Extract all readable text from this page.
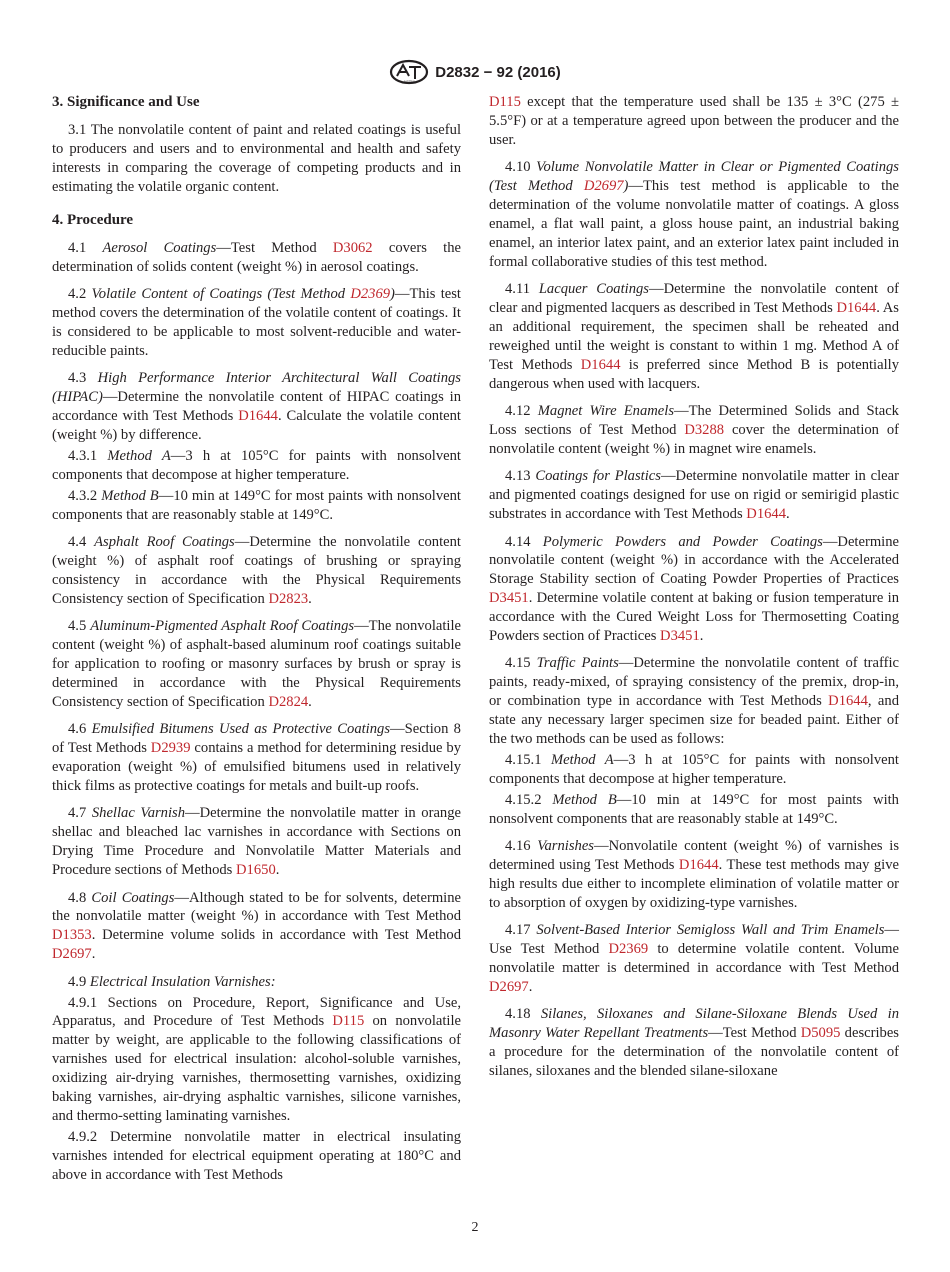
ASTM
D2832 − 92 (2016)
3. Significance and Use
3.1 The nonvolatile content of paint and related coatings is useful to producers and users and to environmental and health and safety interests in comparing the coverage of competing products and in estimating the volatile organic content.
4. Procedure
4.1 Aerosol Coatings—Test Method D3062 covers the determination of solids content (weight %) in aerosol coatings.
4.2 Volatile Content of Coatings (Test Method D2369)—This test method covers the determination of the volatile content of coatings. It is considered to be applicable to most solvent-reducible and water-reducible paints.
4.3 High Performance Interior Architectural Wall Coatings (HIPAC)—Determine the nonvolatile content of HIPAC coatings in accordance with Test Methods D1644. Calculate the volatile content (weight %) by difference.
4.3.1 Method A—3 h at 105°C for paints with nonsolvent components that decompose at higher temperature.
4.3.2 Method B—10 min at 149°C for most paints with nonsolvent components that are reasonably stable at 149°C.
4.4 Asphalt Roof Coatings—Determine the nonvolatile content (weight %) of asphalt roof coatings of brushing or spraying consistency in accordance with the Physical Requirements Consistency section of Specification D2823.
4.5 Aluminum-Pigmented Asphalt Roof Coatings—The nonvolatile content (weight %) of asphalt-based aluminum roof coatings suitable for application to roofing or masonry surfaces by brush or spray is determined in accordance with the Physical Requirements Consistency section of Specification D2824.
4.6 Emulsified Bitumens Used as Protective Coatings—Section 8 of Test Methods D2939 contains a method for determining residue by evaporation (weight %) of emulsified bitumens used in relatively thick films as protective coatings for metals and built-up roofs.
4.7 Shellac Varnish—Determine the nonvolatile matter in orange shellac and bleached lac varnishes in accordance with Sections on Drying Time Procedure and Nonvolatile Matter Materials and Procedure sections of Methods D1650.
4.8 Coil Coatings—Although stated to be for solvents, determine the nonvolatile matter (weight %) in accordance with Test Method D1353. Determine volume solids in accordance with Test Method D2697.
4.9 Electrical Insulation Varnishes:
4.9.1 Sections on Procedure, Report, Significance and Use, Apparatus, and Procedure of Test Methods D115 on nonvolatile matter by weight, are applicable to the following classifications of varnishes used for electrical insulation: alcohol-soluble varnishes, oxidizing air-drying varnishes, thermosetting varnishes, oxidizing baking varnishes, air-drying asphaltic varnishes, silicone varnishes, and thermo-setting laminating varnishes.
4.9.2 Determine nonvolatile matter in electrical insulating varnishes intended for electrical equipment operating at 180°C and above in accordance with Test Methods
D115 except that the temperature used shall be 135 ± 3°C (275 ± 5.5°F) or at a temperature agreed upon between the producer and the user.
4.10 Volume Nonvolatile Matter in Clear or Pigmented Coatings (Test Method D2697)—This test method is applicable to the determination of the volume nonvolatile matter of coatings. A gloss enamel, a flat wall paint, a gloss house paint, an industrial baking enamel, an interior latex paint, and an exterior latex paint included in formal collaborative studies of this test method.
4.11 Lacquer Coatings—Determine the nonvolatile content of clear and pigmented lacquers as described in Test Methods D1644. As an additional requirement, the specimen shall be reheated and reweighed until the weight is constant to within 1 mg. Method A of Test Methods D1644 is preferred since Method B is potentially dangerous when used with lacquers.
4.12 Magnet Wire Enamels—The Determined Solids and Stack Loss sections of Test Method D3288 cover the determination of nonvolatile content (weight %) in magnet wire enamels.
4.13 Coatings for Plastics—Determine nonvolatile matter in clear and pigmented coatings designed for use on rigid or semirigid plastic substrates in accordance with Test Methods D1644.
4.14 Polymeric Powders and Powder Coatings—Determine nonvolatile content (weight %) in accordance with the Accelerated Storage Stability section of Coating Powder Properties of Practices D3451. Determine volatile content at baking or fusion temperature in accordance with the Cured Weight Loss for Thermosetting Coating Powders section of Practices D3451.
4.15 Traffic Paints—Determine the nonvolatile content of traffic paints, ready-mixed, of spraying consistency of the premix, drop-in, or combination type in accordance with Test Methods D1644, and state any necessary larger specimen size for beaded paint. Either of the two methods can be used as follows:
4.15.1 Method A—3 h at 105°C for paints with nonsolvent components that decompose at higher temperature.
4.15.2 Method B—10 min at 149°C for most paints with nonsolvent components that are reasonably stable at 149°C.
4.16 Varnishes—Nonvolatile content (weight %) of varnishes is determined using Test Methods D1644. These test methods may give high results due either to incomplete elimination of volatile matter or to absorption of oxygen by oxidizing-type varnishes.
4.17 Solvent-Based Interior Semigloss Wall and Trim Enamels—Use Test Method D2369 to determine volatile content. Volume nonvolatile matter is determined in accordance with Test Method D2697.
4.18 Silanes, Siloxanes and Silane-Siloxane Blends Used in Masonry Water Repellant Treatments—Test Method D5095 describes a procedure for the determination of the nonvolatile content of silanes, siloxanes and the blended silane-siloxane
2
